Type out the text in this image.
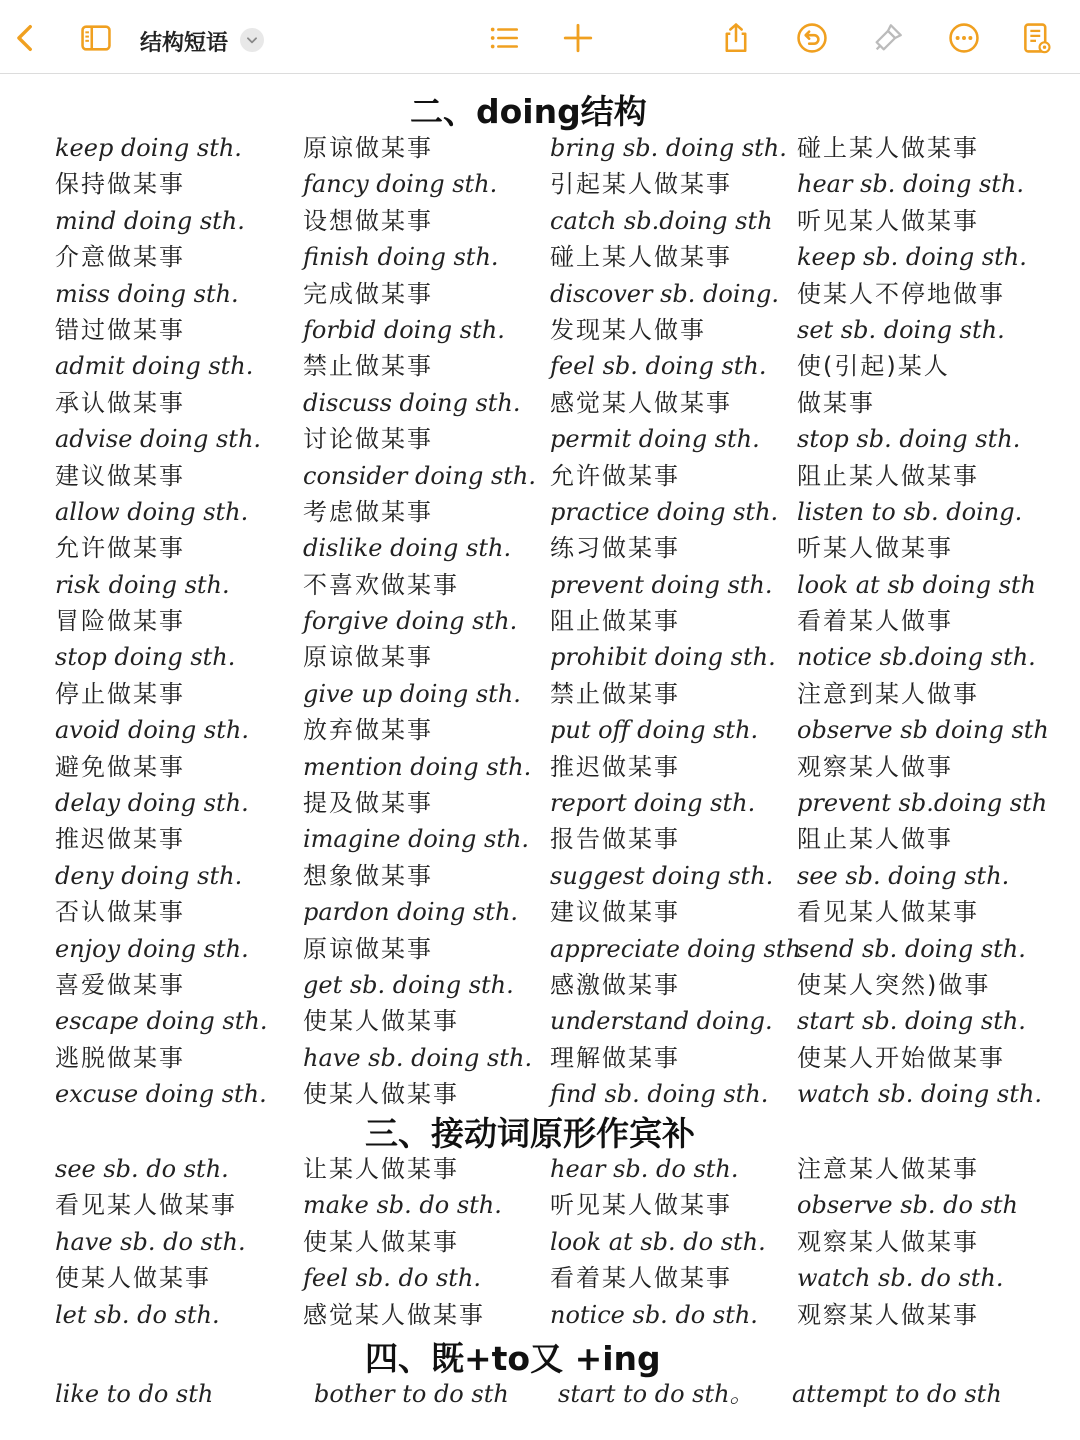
结构短语
二、doing结构
keep doing sth.
保持做某事
mind doing sth.
介意做某事
miss doing sth.
错过做某事
admit doing sth.
承认做某事
advise doing sth.
建议做某事
allow doing sth.
允许做某事
risk doing sth.
冒险做某事
stop doing sth.
停止做某事
avoid doing sth.
避免做某事
delay doing sth.
推迟做某事
deny doing sth.
否认做某事
enjoy doing sth.
喜爱做某事
escape doing sth.
逃脱做某事
excuse doing sth.
原谅做某事
fancy doing sth.
设想做某事
finish doing sth.
完成做某事
forbid doing sth.
禁止做某事
discuss doing sth.
讨论做某事
consider doing sth.
考虑做某事
dislike doing sth.
不喜欢做某事
forgive doing sth.
原谅做某事
give up doing sth.
放弃做某事
mention doing sth.
提及做某事
imagine doing sth.
想象做某事
pardon doing sth.
原谅做某事
get sb. doing sth.
使某人做某事
have sb. doing sth.
使某人做某事
bring sb. doing sth.
引起某人做某事
catch sb.doing sth
碰上某人做某事
discover sb. doing.
发现某人做事
feel sb. doing sth.
感觉某人做某事
permit doing sth.
允许做某事
practice doing sth.
练习做某事
prevent doing sth.
阻止做某事
prohibit doing sth.
禁止做某事
put off doing sth.
推迟做某事
report doing sth.
报告做某事
suggest doing sth.
建议做某事
appreciate doing sth
感激做某事
understand doing.
理解做某事
find sb. doing sth.
碰上某人做某事
hear sb. doing sth.
听见某人做某事
keep sb. doing sth.
使某人不停地做事
set sb. doing sth.
使(引起)某人
做某事
stop sb. doing sth.
阻止某人做某事
listen to sb. doing.
听某人做某事
look at sb doing sth
看着某人做事
notice sb.doing sth.
注意到某人做事
observe sb doing sth
观察某人做事
prevent sb.doing sth
阻止某人做事
see sb. doing sth.
看见某人做某事
send sb. doing sth.
使某人突然)做事
start sb. doing sth.
使某人开始做某事
watch sb. doing sth.
三、接动词原形作宾补
see sb. do sth.
看见某人做某事
have sb. do sth.
使某人做某事
let sb. do sth.
让某人做某事
make sb. do sth.
使某人做某事
feel sb. do sth.
感觉某人做某事
hear sb. do sth.
听见某人做某事
look at sb. do sth.
看着某人做某事
notice sb. do sth.
注意某人做某事
observe sb. do sth
观察某人做某事
watch sb. do sth.
观察某人做某事
四、既+to又 +ing
like to do sth	bother to do sth start to do sth。 attempt to do sth
